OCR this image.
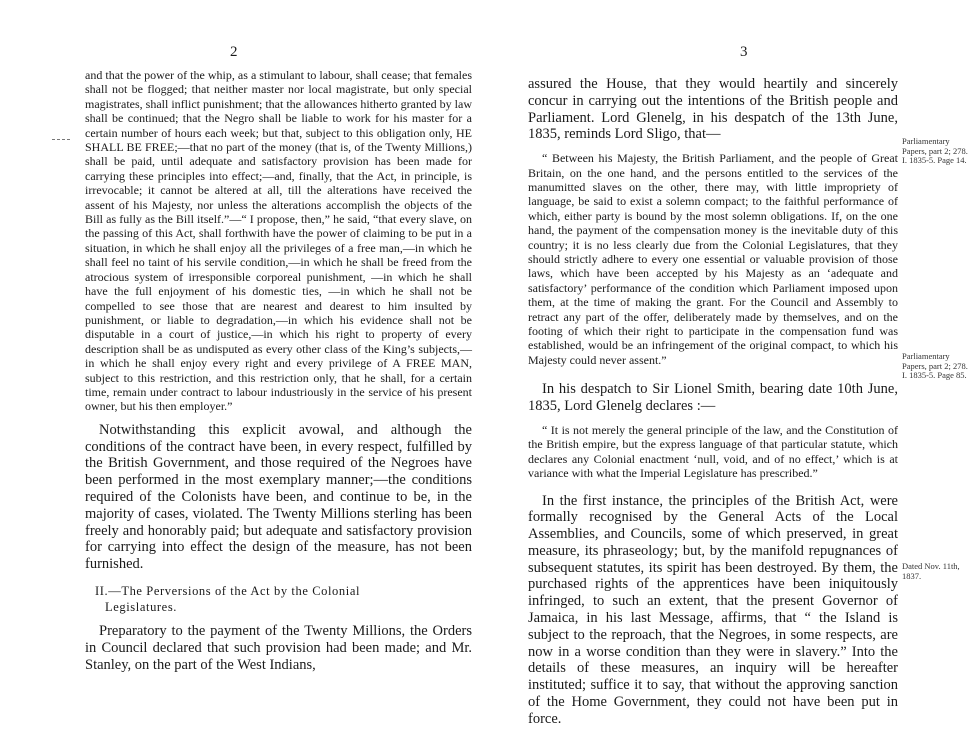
2

and that the power of the whip, as a stimulant to labour, shall cease; that females shall not be flogged; that neither master nor local magistrate, but only special magistrates, shall inflict punishment; that the allowances hitherto granted by law shall be continued; that the Negro shall be liable to work for his master for a certain number of hours each week; but that, subject to this obligation only, HE SHALL BE FREE;—that no part of the money (that is, of the Twenty Millions,) shall be paid, until adequate and satisfactory provision has been made for carrying these principles into effect;—and, finally, that the Act, in principle, is irrevocable; it cannot be altered at all, till the alterations have received the assent of his Majesty, nor unless the alterations accomplish the objects of the Bill as fully as the Bill itself.”—“ I propose, then,” he said, “that every slave, on the passing of this Act, shall forthwith have the power of claiming to be put in a situation, in which he shall enjoy all the privileges of a free man,—in which he shall feel no taint of his servile condition,—in which he shall be freed from the atrocious system of irresponsible corporeal punishment, —in which he shall have the full enjoyment of his domestic ties, —in which he shall not be compelled to see those that are nearest and dearest to him insulted by punishment, or liable to degradation,—in which his evidence shall not be disputable in a court of justice,—in which his right to property of every description shall be as undisputed as every other class of the King’s subjects,—in which he shall enjoy every right and every privilege of A FREE MAN, subject to this restriction, and this restriction only, that he shall, for a certain time, remain under contract to labour industriously in the service of his present owner, but his then employer.”

Notwithstanding this explicit avowal, and although the conditions of the contract have been, in every respect, fulfilled by the British Government, and those required of the Negroes have been performed in the most exemplary manner;—the conditions required of the Colonists have been, and continue to be, in the majority of cases, violated. The Twenty Millions sterling has been freely and honorably paid; but adequate and satisfactory provision for carrying into effect the design of the measure, has not been furnished.

II.—The Perversions of the Act by the Colonial
Legislatures.

Preparatory to the payment of the Twenty Millions, the Orders in Council declared that such provision had been made; and Mr. Stanley, on the part of the West Indians,

3

assured the House, that they would heartily and sincerely concur in carrying out the intentions of the British people and Parliament. Lord Glenelg, in his despatch of the 13th June, 1835, reminds Lord Sligo, that—

“ Between his Majesty, the British Parliament, and the people of Great Britain, on the one hand, and the persons entitled to the services of the manumitted slaves on the other, there may, with little impropriety of language, be said to exist a solemn compact; to the faithful performance of which, either party is bound by the most solemn obligations. If, on the one hand, the payment of the compensation money is the inevitable duty of this country; it is no less clearly due from the Colonial Legislatures, that they should strictly adhere to every one essential or valuable provision of those laws, which have been accepted by his Majesty as an ‘adequate and satisfactory’ performance of the condition which Parliament imposed upon them, at the time of making the grant. For the Council and Assembly to retract any part of the offer, deliberately made by themselves, and on the footing of which their right to participate in the compensation fund was established, would be an infringement of the original compact, to which his Majesty could never assent.”

In his despatch to Sir Lionel Smith, bearing date 10th June, 1835, Lord Glenelg declares :—

“ It is not merely the general principle of the law, and the Constitution of the British empire, but the express language of that particular statute, which declares any Colonial enactment ‘null, void, and of no effect,’ which is at variance with what the Imperial Legislature has prescribed.”

In the first instance, the principles of the British Act, were formally recognised by the General Acts of the Local Assemblies, and Councils, some of which preserved, in great measure, its phraseology; but, by the manifold repugnances of subsequent statutes, its spirit has been destroyed. By them, the purchased rights of the apprentices have been iniquitously infringed, to such an extent, that the present Governor of Jamaica, in his last Message, affirms, that “ the Island is subject to the reproach, that the Negroes, in some respects, are now in a worse condition than they were in slavery.” Into the details of these measures, an inquiry will be hereafter instituted; suffice it to say, that without the approving sanction of the Home Government, they could not have been put in force.

Parliamentary Papers, part 2; 278. I. 1835-5. Page 14.
Parliamentary Papers, part 2; 278. I. 1835-5. Page 85.
Dated Nov. 11th, 1837.
